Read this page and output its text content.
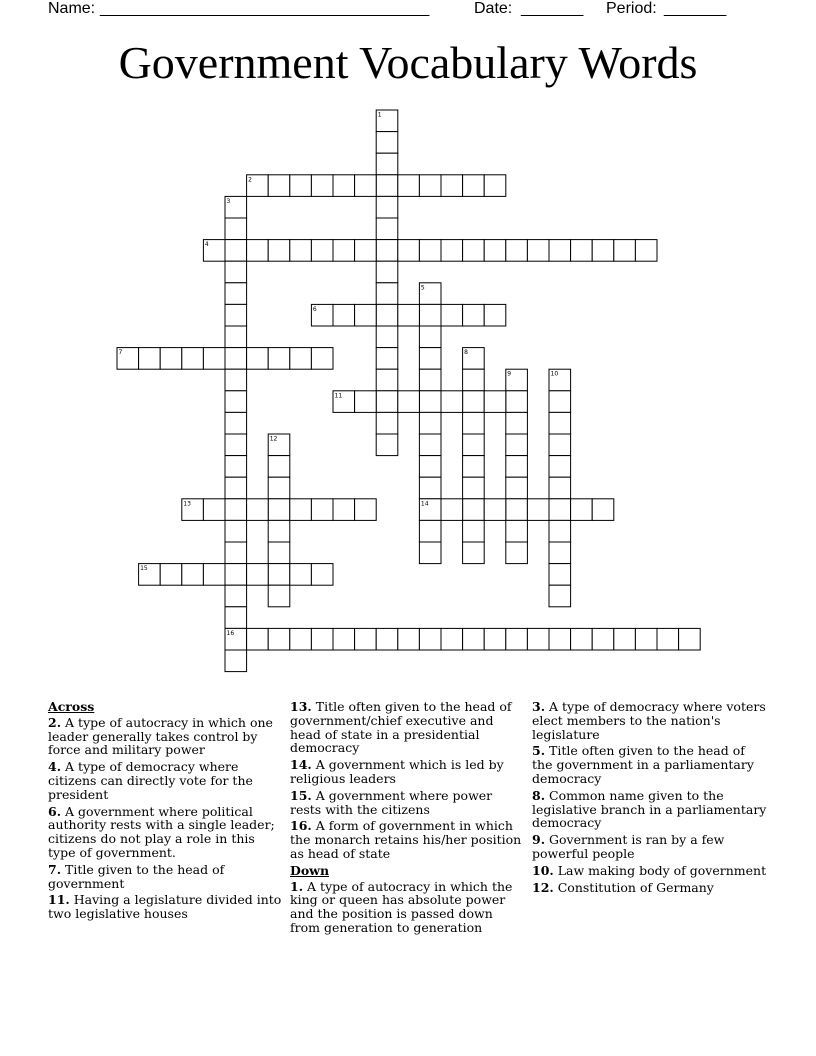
Name: _____________________________________	Date: _______ Period: _______
Government Vocabulary Words
1
2
3
4
5
6
7	8
9	10
11
12
13	14
15
16
Across
2. A type of autocracy in which one leader generally takes control by force and military power
4. A type of democracy where citizens can directly vote for the president
6. A government where political authority rests with a single leader; citizens do not play a role in this type of government.
7. Title given to the head of government
11. Having a legislature divided into two legislative houses
13. Title often given to the head of government/chief executive and head of state in a presidential democracy
14. A government which is led by religious leaders
15. A government where power rests with the citizens
16. A form of government in which the monarch retains his/her position as head of state
Down
1. A type of autocracy in which the king or queen has absolute power and the position is passed down from generation to generation
3. A type of democracy where voters elect members to the nation's legislature
5. Title often given to the head of the government in a parliamentary democracy
8. Common name given to the legislative branch in a parliamentary democracy
9. Government is ran by a few powerful people
10. Law making body of government
12. Constitution of Germany
